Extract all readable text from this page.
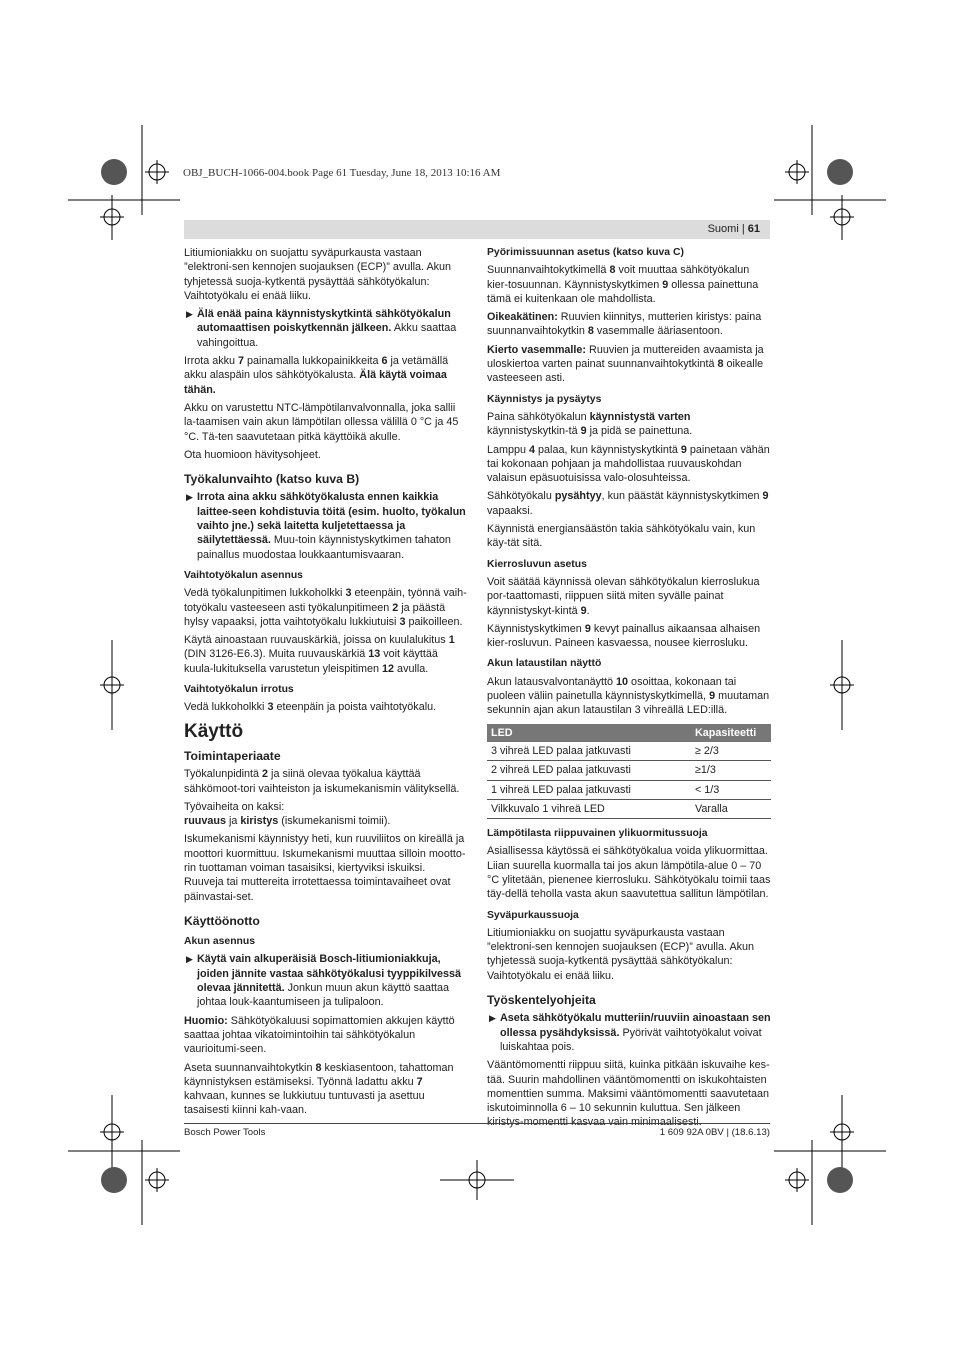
OBJ_BUCH-1066-004.book Page 61 Tuesday, June 18, 2013 10:16 AM
Suomi | 61

Litiumioniakku on suojattu syväpurkausta vastaan ”elektroni-sen kennojen suojauksen (ECP)” avulla. Akun tyhjetessä suoja-kytkentä pysäyttää sähkötyökalun: Vaihtotyökalu ei enää liiku.

▶ Älä enää paina käynnistyskytkintä sähkötyökalun automaattisen poiskytkennän jälkeen. Akku saattaa vahingoittua.

Irrota akku 7 painamalla lukkopainikkeita 6 ja vetämällä akku alaspäin ulos sähkötyökalusta. Älä käytä voimaa tähän.

Akku on varustettu NTC-lämpötilanvalvonnalla, joka sallii la-taamisen vain akun lämpötilan ollessa välillä 0 °C ja 45 °C. Tä-ten saavutetaan pitkä käyttöikä akulle.

Ota huomioon hävitysohjeet.

Työkalunvaihto (katso kuva B)
▶ Irrota aina akku sähkötyökalusta ennen kaikkia laittee-seen kohdistuvia töitä (esim. huolto, työkalun vaihto jne.) sekä laitetta kuljetettaessa ja säilytettäessä. Muu-toin käynnistyskytkimen tahaton painallus muodostaa loukkaantumisvaaran.
Vaihtotyökalun asennus

Vedä työkalunpitimen lukkoholkki 3 eteenpäin, työnnä vaih-totyökalu vasteeseen asti työkalunpitimeen 2 ja päästä hylsy vapaaksi, jotta vaihtotyökalu lukkiutuisi 3 paikoilleen.

Käytä ainoastaan ruuvauskärkiä, joissa on kuulalukitus 1 (DIN 3126-E6.3). Muita ruuvauskärkiä 13 voit käyttää kuula-lukituksella varustetun yleispitimen 12 avulla.

Vaihtotyökalun irrotus

Vedä lukkoholkki 3 eteenpäin ja poista vaihtotyökalu.

Käyttö
Toimintaperiaate

Työkalunpidintä 2 ja siinä olevaa työkalua käyttää sähkömoot-tori vaihteiston ja iskumekanismin välityksellä.

Työvaiheita on kaksi:

ruuvaus ja kiristys (iskumekanismi toimii).

Iskumekanismi käynnistyy heti, kun ruuviliitos on kireällä ja moottori kuormittuu. Iskumekanismi muuttaa silloin mootto-rin tuottaman voiman tasaisiksi, kiertyviksi iskuiksi. Ruuveja tai muttereita irrotettaessa toimintavaiheet ovat päinvastai-set.

Käyttöönotto
Akun asennus
▶ Käytä vain alkuperäisiä Bosch-litiumioniakkuja, joiden jännite vastaa sähkötyökalusi tyyppikilvessä olevaa jännitettä. Jonkun muun akun käyttö saattaa johtaa louk-kaantumiseen ja tulipaloon.

Huomio: Sähkötyökaluusi sopimattomien akkujen käyttö saattaa johtaa vikatoimintoihin tai sähkötyökalun vaurioitumi-seen.

Aseta suunnanvaihtokytkin 8 keskiasentoon, tahattoman käynnistyksen estämiseksi. Työnnä ladattu akku 7 kahvaan, kunnes se lukkiutuu tuntuvasti ja asettuu tasaisesti kiinni kah-vaan.

Pyörimissuunnan asetus (katso kuva C)

Suunnanvaihtokytkimellä 8 voit muuttaa sähkötyökalun kier-tosuunnan. Käynnistyskytkimen 9 ollessa painettuna tämä ei kuitenkaan ole mahdollista.

Oikeakätinen: Ruuvien kiinnitys, mutterien kiristys: paina suunnanvaihtokytkin 8 vasemmalle ääriasentoon.

Kierto vasemmalle: Ruuvien ja muttereiden avaamista ja uloskiertoa varten painat suunnanvaihtokytkintä 8 oikealle vasteeseen asti.

Käynnistys ja pysäytys

Paina sähkötyökalun käynnistystä varten käynnistyskytkin-tä 9 ja pidä se painettuna.

Lamppu 4 palaa, kun käynnistyskytkintä 9 painetaan vähän tai kokonaan pohjaan ja mahdollistaa ruuvauskohdan valaisun epäsuotuisissa valo-olosuhteissa.

Sähkötyökalu pysähtyy, kun päästät käynnistyskytkimen 9 vapaaksi.

Käynnistä energiansäästön takia sähkötyökalu vain, kun käy-tät sitä.

Kierrosluvun asetus

Voit säätää käynnissä olevan sähkötyökalun kierroslukua por-taattomasti, riippuen siitä miten syvälle painat käynnistyskyt-kintä 9.

Käynnistyskytkimen 9 kevyt painallus aikaansaa alhaisen kier-rosluvun. Paineen kasvaessa, nousee kierrosluku.

Akun lataustilan näyttö

Akun latausvalvontanäyttö 10 osoittaa, kokonaan tai puoleen väliin painetulla käynnistyskytkimellä, 9 muutaman sekunnin ajan akun lataustilan 3 vihreällä LED:illä.

LED	Kapasiteetti
3 vihreä LED palaa jatkuvasti	≥ 2/3
2 vihreä LED palaa jatkuvasti	≥1/3
1 vihreä LED palaa jatkuvasti	< 1/3
Vilkkuvalo 1 vihreä LED	Varalla
Lämpötilasta riippuvainen ylikuormitussuoja

Asiallisessa käytössä ei sähkötyökalua voida ylikuormittaa. Liian suurella kuormalla tai jos akun lämpötila-alue 0 – 70 °C ylitetään, pienenee kierrosluku. Sähkötyökalu toimii taas täy-dellä teholla vasta akun saavutettua sallitun lämpötilan.

Syväpurkaussuoja

Litiumioniakku on suojattu syväpurkausta vastaan ”elektroni-sen kennojen suojauksen (ECP)” avulla. Akun tyhjetessä suoja-kytkentä pysäyttää sähkötyökalun: Vaihtotyökalu ei enää liiku.

Työskentelyohjeita
▶ Aseta sähkötyökalu mutteriin/ruuviin ainoastaan sen ollessa pysähdyksissä. Pyörivät vaihtotyökalut voivat luiskahtaa pois.

Vääntömomentti riippuu siitä, kuinka pitkään iskuvaihe kes-tää. Suurin mahdollinen vääntömomentti on iskukohtaisten momenttien summa. Maksimi vääntömomentti saavutetaan iskutoiminnolla 6 – 10 sekunnin kuluttua. Sen jälkeen kiristys-momentti kasvaa vain minimaalisesti.

Bosch Power Tools	1 609 92A 0BV | (18.6.13)
